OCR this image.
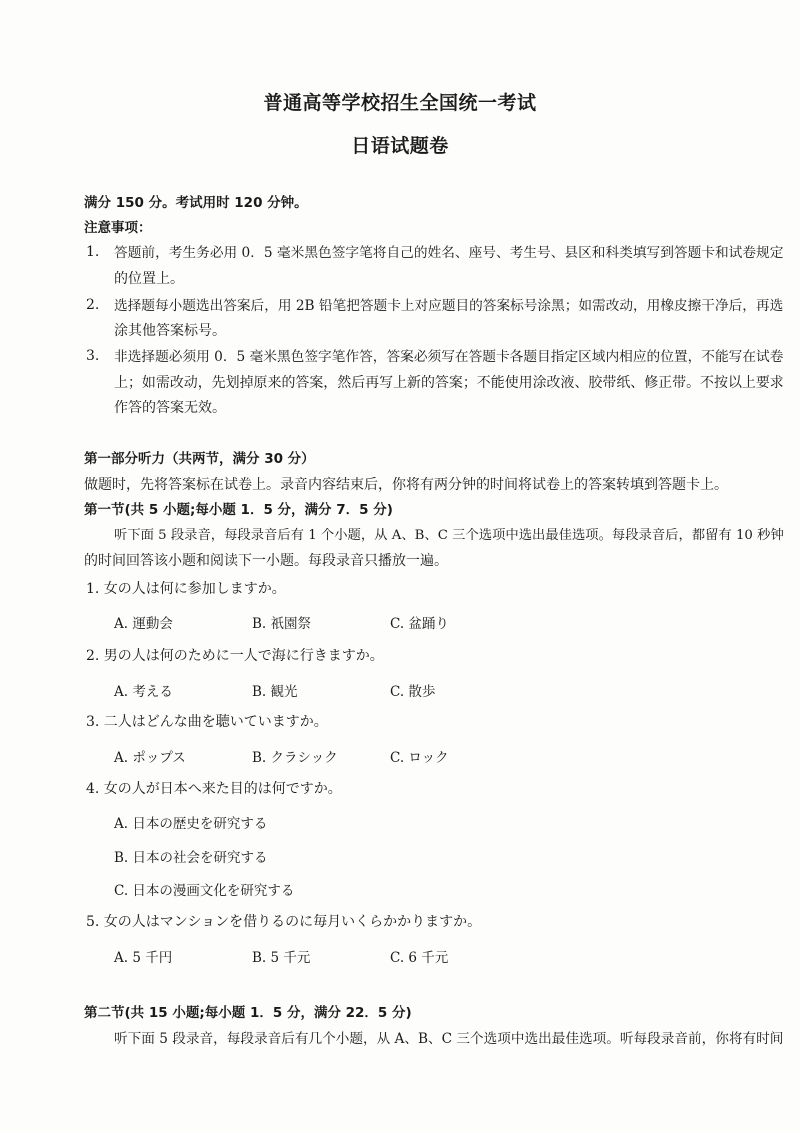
普通高等学校招生全国统一考试
日语试题卷
满分 150 分。考试用时 120 分钟。
注意事项：
1. 答题前，考生务必用 0．5 毫米黑色签字笔将自己的姓名、座号、考生号、县区和科类填写到答题卡和试卷规定
的位置上。
2. 选择题每小题选出答案后，用 2B 铅笔把答题卡上对应题目的答案标号涂黑；如需改动，用橡皮擦干净后，再选
涂其他答案标号。
3. 非选择题必须用 0．5 毫米黑色签字笔作答，答案必须写在答题卡各题目指定区域内相应的位置，不能写在试卷
上；如需改动，先划掉原来的答案，然后再写上新的答案；不能使用涂改液、胶带纸、修正带。不按以上要求
作答的答案无效。
第一部分听力（共两节，满分 30 分）
做题时，先将答案标在试卷上。录音内容结束后，你将有两分钟的时间将试卷上的答案转填到答题卡上。
第一节(共 5 小题;每小题 1．5 分，满分 7．5 分)
听下面 5 段录音，每段录音后有 1 个小题，从 A、B、C 三个选项中选出最佳选项。每段录音后，都留有 10 秒钟
的时间回答该小题和阅读下一小题。每段录音只播放一遍。
1. 女の人は何に参加しますか。
A. 運動会	B. 祇園祭	C. 盆踊り
2. 男の人は何のために一人で海に行きますか。
A. 考える	B. 観光	C. 散歩
3. 二人はどんな曲を聴いていますか。
A. ポップス	B. クラシック	C. ロック
4. 女の人が日本へ来た目的は何ですか。
A. 日本の歴史を研究する
B. 日本の社会を研究する
C. 日本の漫画文化を研究する
5. 女の人はマンションを借りるのに毎月いくらかかりますか。
A. 5 千円	B. 5 千元	C. 6 千元
第二节(共 15 小题;每小题 1．5 分，满分 22．5 分)
听下面 5 段录音，每段录音后有几个小题，从 A、B、C 三个选项中选出最佳选项。听每段录音前，你将有时间
